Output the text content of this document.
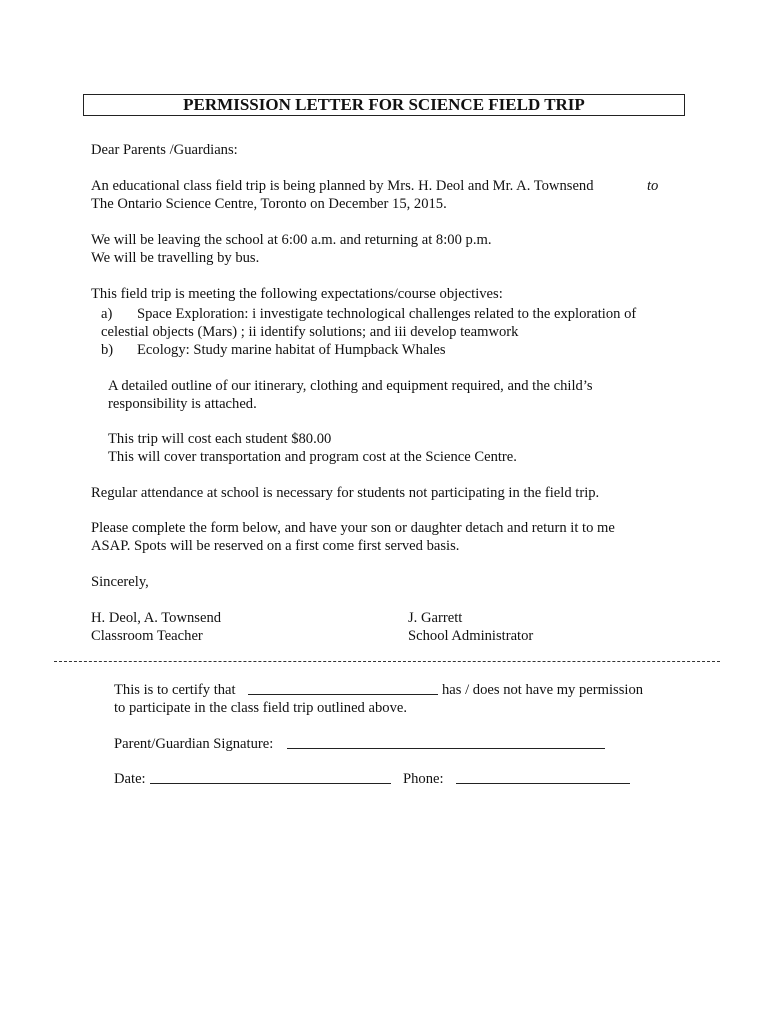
PERMISSION LETTER FOR SCIENCE FIELD TRIP
Dear Parents /Guardians:
An educational class field trip is being planned by Mrs. H. Deol and Mr. A. Townsend	to
The Ontario Science Centre, Toronto on December 15, 2015.
We will be leaving the school at 6:00 a.m. and returning at 8:00 p.m.
We will be travelling by bus.
This field trip is meeting the following expectations/course objectives:
a) Space Exploration: i investigate technological challenges related to the exploration of
celestial objects (Mars) ; ii identify solutions; and iii develop teamwork
b) Ecology: Study marine habitat of Humpback Whales
A detailed outline of our itinerary, clothing and equipment required, and the child’s
responsibility is attached.
This trip will cost each student $80.00
This will cover transportation and program cost at the Science Centre.
Regular attendance at school is necessary for students not participating in the field trip.
Please complete the form below, and have your son or daughter detach and return it to me
ASAP. Spots will be reserved on a first come first served basis.
Sincerely,
H. Deol, A. Townsend
Classroom Teacher
J. Garrett
School Administrator
This is to certify that	has / does not have my permission
to participate in the class field trip outlined above.
Parent/Guardian Signature:
Date:	Phone:
